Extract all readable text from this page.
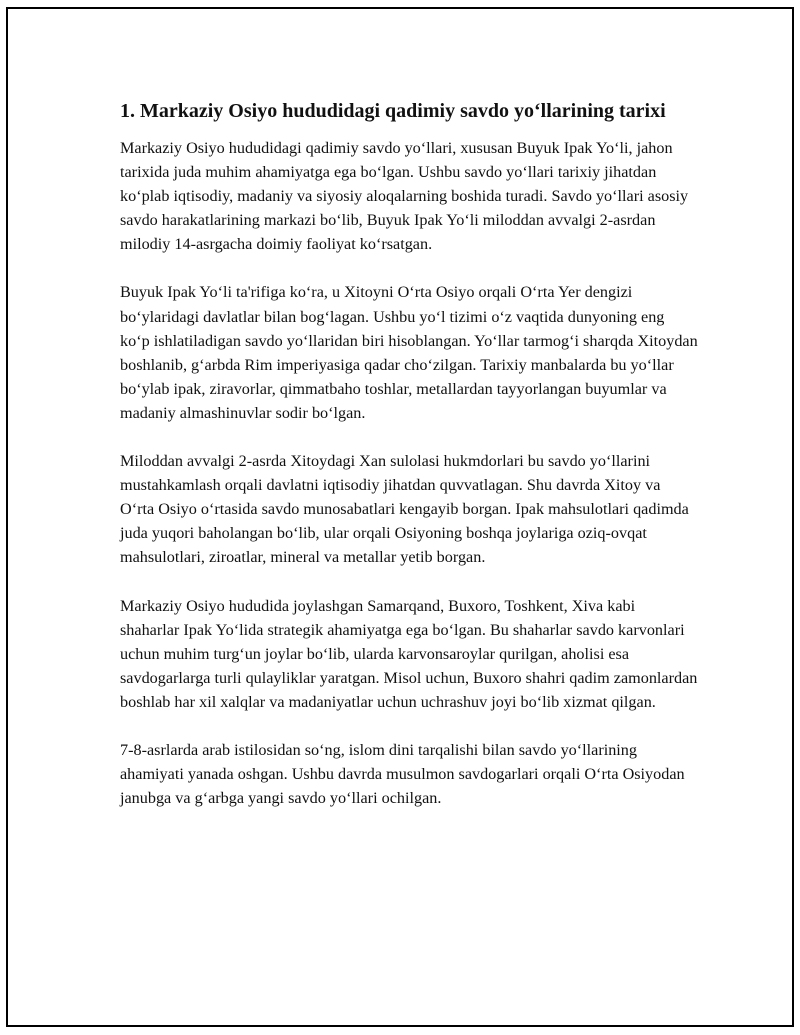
1. Markaziy Osiyo hududidagi qadimiy savdo yo‘llarining tarixi

Markaziy Osiyo hududidagi qadimiy savdo yo‘llari, xususan Buyuk Ipak Yo‘li, jahon tarixida juda muhim ahamiyatga ega bo‘lgan. Ushbu savdo yo‘llari tarixiy jihatdan ko‘plab iqtisodiy, madaniy va siyosiy aloqalarning boshida turadi. Savdo yo‘llari asosiy savdo harakatlarining markazi bo‘lib, Buyuk Ipak Yo‘li miloddan avvalgi 2-asrdan milodiy 14-asrgacha doimiy faoliyat ko‘rsatgan.

Buyuk Ipak Yo‘li ta'rifiga ko‘ra, u Xitoyni O‘rta Osiyo orqali O‘rta Yer dengizi bo‘ylaridagi davlatlar bilan bog‘lagan. Ushbu yo‘l tizimi o‘z vaqtida dunyoning eng ko‘p ishlatiladigan savdo yo‘llaridan biri hisoblangan. Yo‘llar tarmog‘i sharqda Xitoydan boshlanib, g‘arbda Rim imperiyasiga qadar cho‘zilgan. Tarixiy manbalarda bu yo‘llar bo‘ylab ipak, ziravorlar, qimmatbaho toshlar, metallardan tayyorlangan buyumlar va madaniy almashinuvlar sodir bo‘lgan.

Miloddan avvalgi 2-asrda Xitoydagi Xan sulolasi hukmdorlari bu savdo yo‘llarini mustahkamlash orqali davlatni iqtisodiy jihatdan quvvatlagan. Shu davrda Xitoy va O‘rta Osiyo o‘rtasida savdo munosabatlari kengayib borgan. Ipak mahsulotlari qadimda juda yuqori baholangan bo‘lib, ular orqali Osiyoning boshqa joylariga oziq-ovqat mahsulotlari, ziroatlar, mineral va metallar yetib borgan.

Markaziy Osiyo hududida joylashgan Samarqand, Buxoro, Toshkent, Xiva kabi shaharlar Ipak Yo‘lida strategik ahamiyatga ega bo‘lgan. Bu shaharlar savdo karvonlari uchun muhim turg‘un joylar bo‘lib, ularda karvonsaroylar qurilgan, aholisi esa savdogarlarga turli qulayliklar yaratgan. Misol uchun, Buxoro shahri qadim zamonlardan boshlab har xil xalqlar va madaniyatlar uchun uchrashuv joyi bo‘lib xizmat qilgan.

7-8-asrlarda arab istilosidan so‘ng, islom dini tarqalishi bilan savdo yo‘llarining ahamiyati yanada oshgan. Ushbu davrda musulmon savdogarlari orqali O‘rta Osiyodan janubga va g‘arbga yangi savdo yo‘llari ochilgan.
